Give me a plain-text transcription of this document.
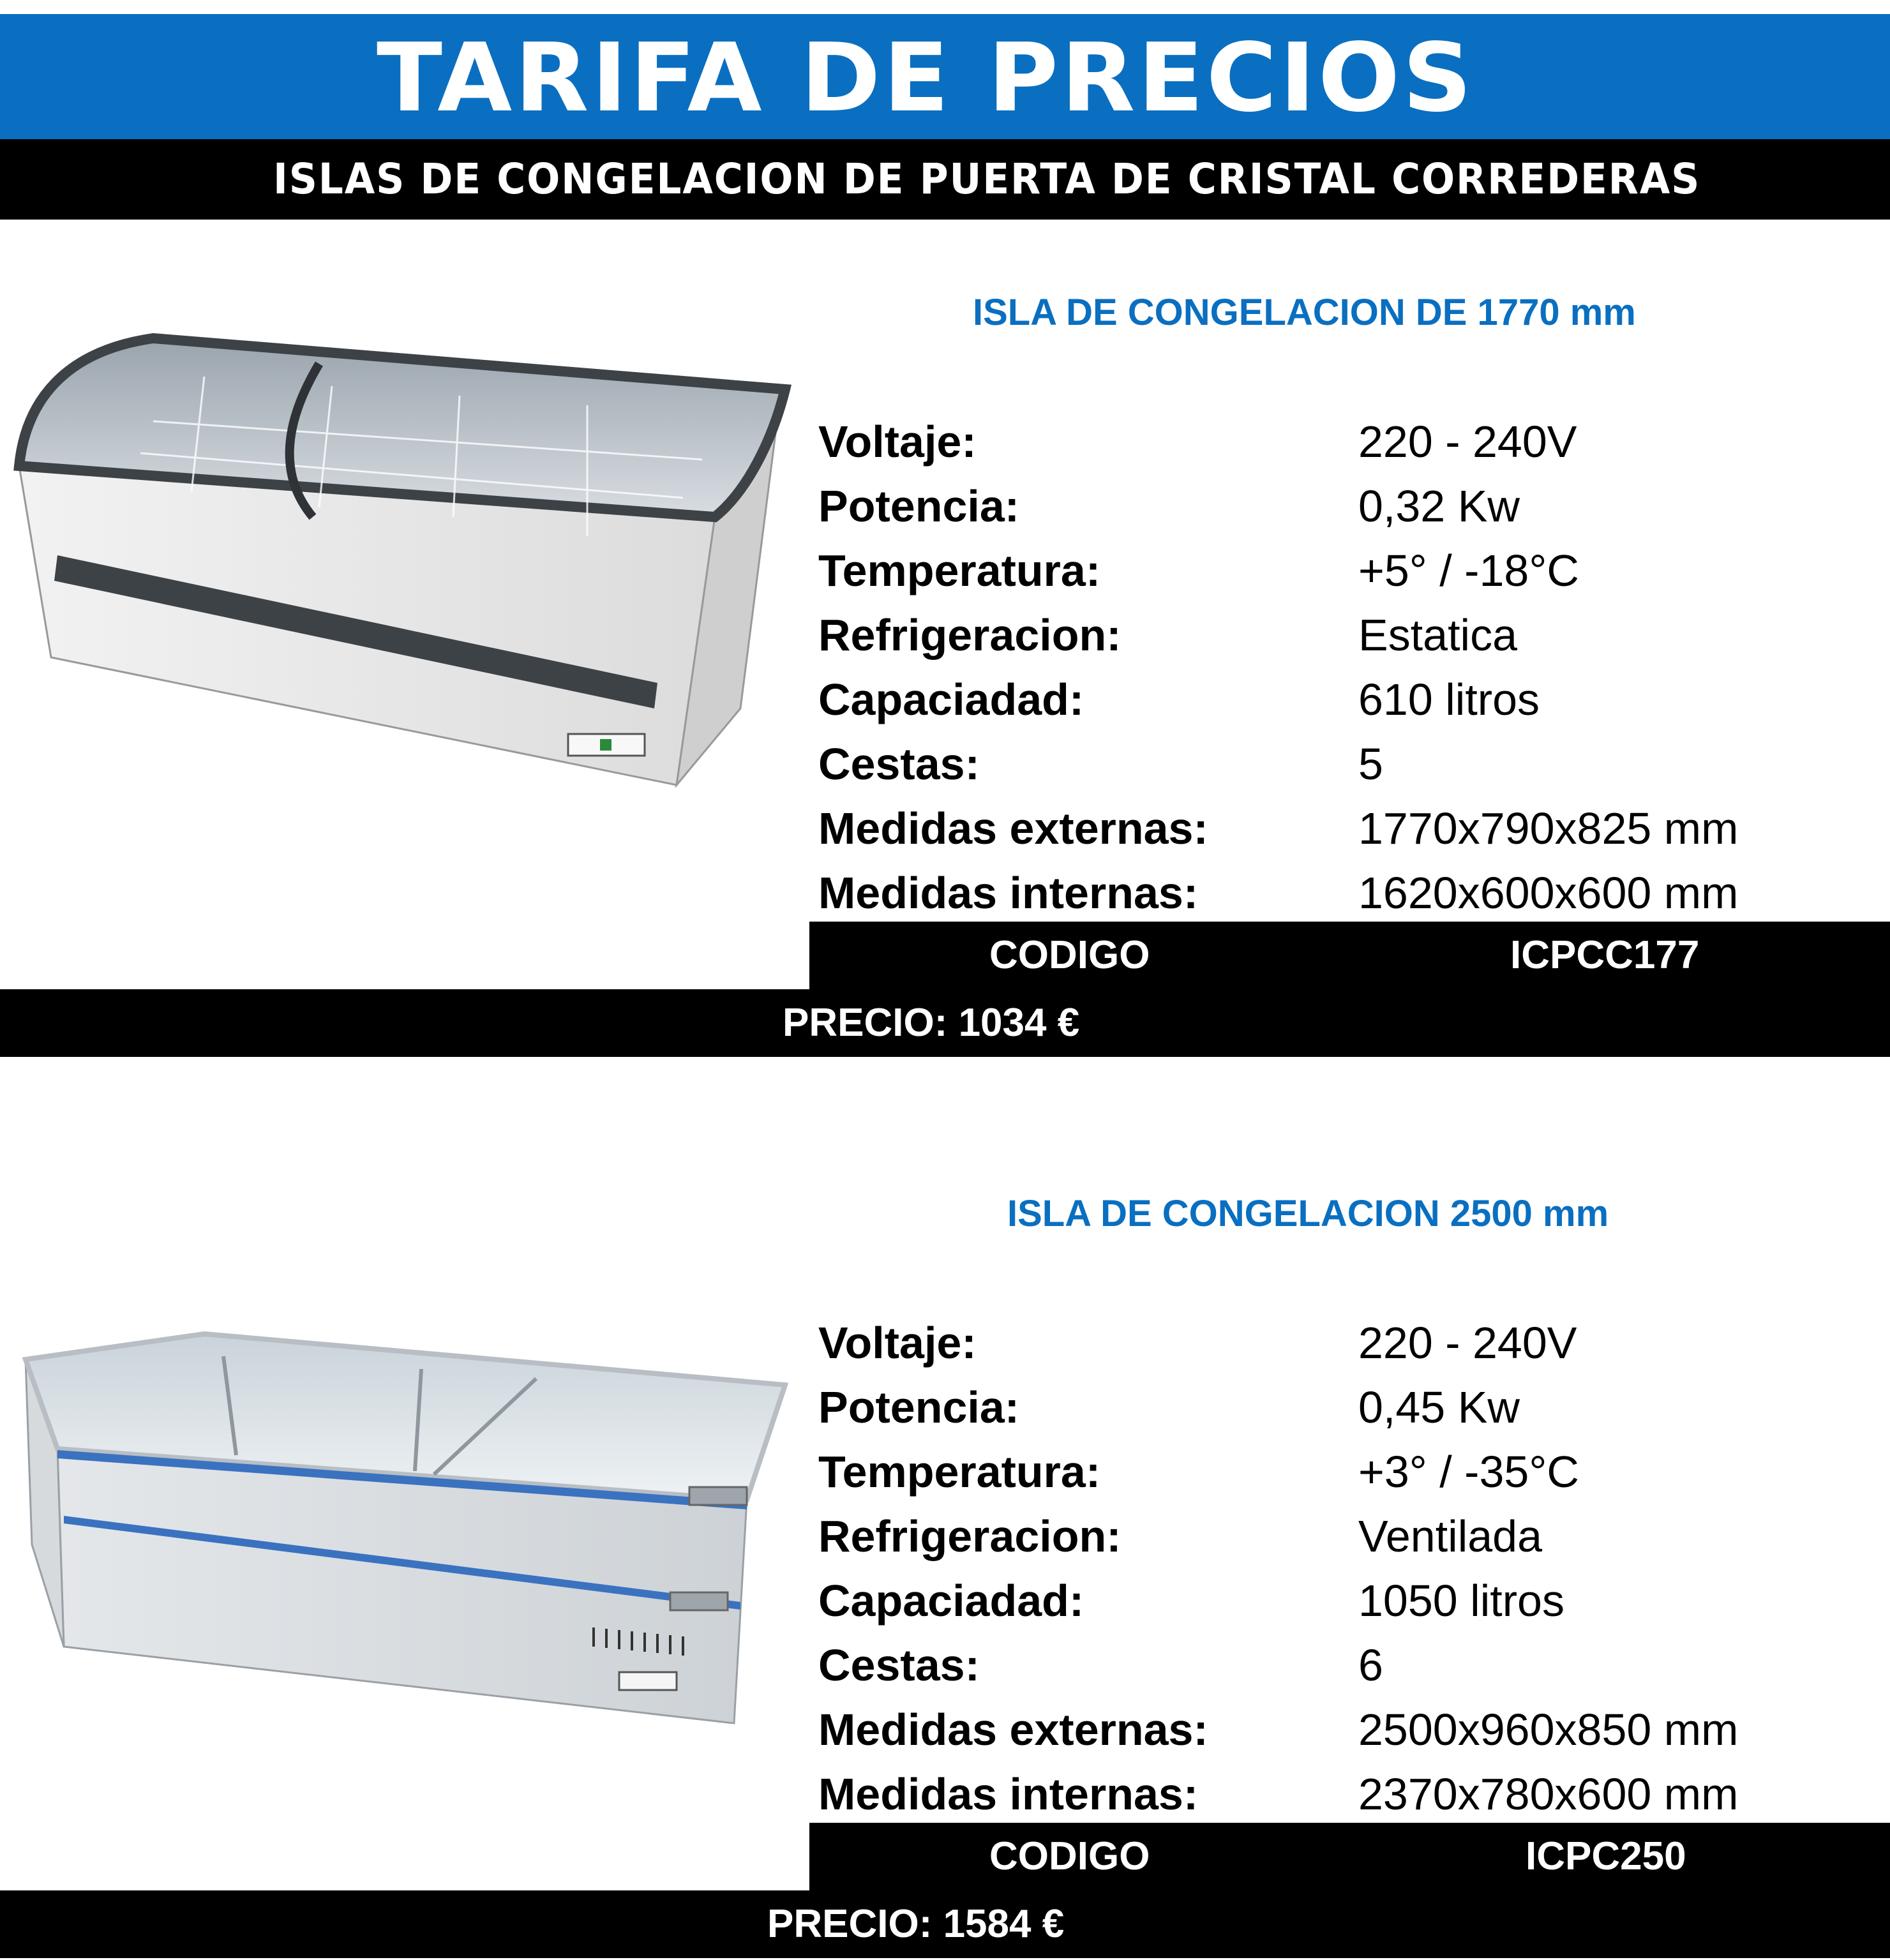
TARIFA DE PRECIOS
ISLAS DE CONGELACION DE PUERTA DE CRISTAL CORREDERAS
ISLA DE CONGELACION DE 1770 mm
Voltaje:	220 - 240V
Potencia:	0,32 Kw
Temperatura:	+5° / -18°C
Refrigeracion:	Estatica
Capaciadad:	610 litros
Cestas:	5
Medidas externas:	1770x790x825 mm
Medidas internas:	1620x600x600 mm
CODIGO	ICPCC177
PRECIO: 1034 €
ISLA DE CONGELACION 2500 mm
Voltaje:	220 - 240V
Potencia:	0,45 Kw
Temperatura:	+3° / -35°C
Refrigeracion:	Ventilada
Capaciadad:	1050 litros
Cestas:	6
Medidas externas:	2500x960x850 mm
Medidas internas:	2370x780x600 mm
CODIGO	ICPC250
PRECIO: 1584 €
